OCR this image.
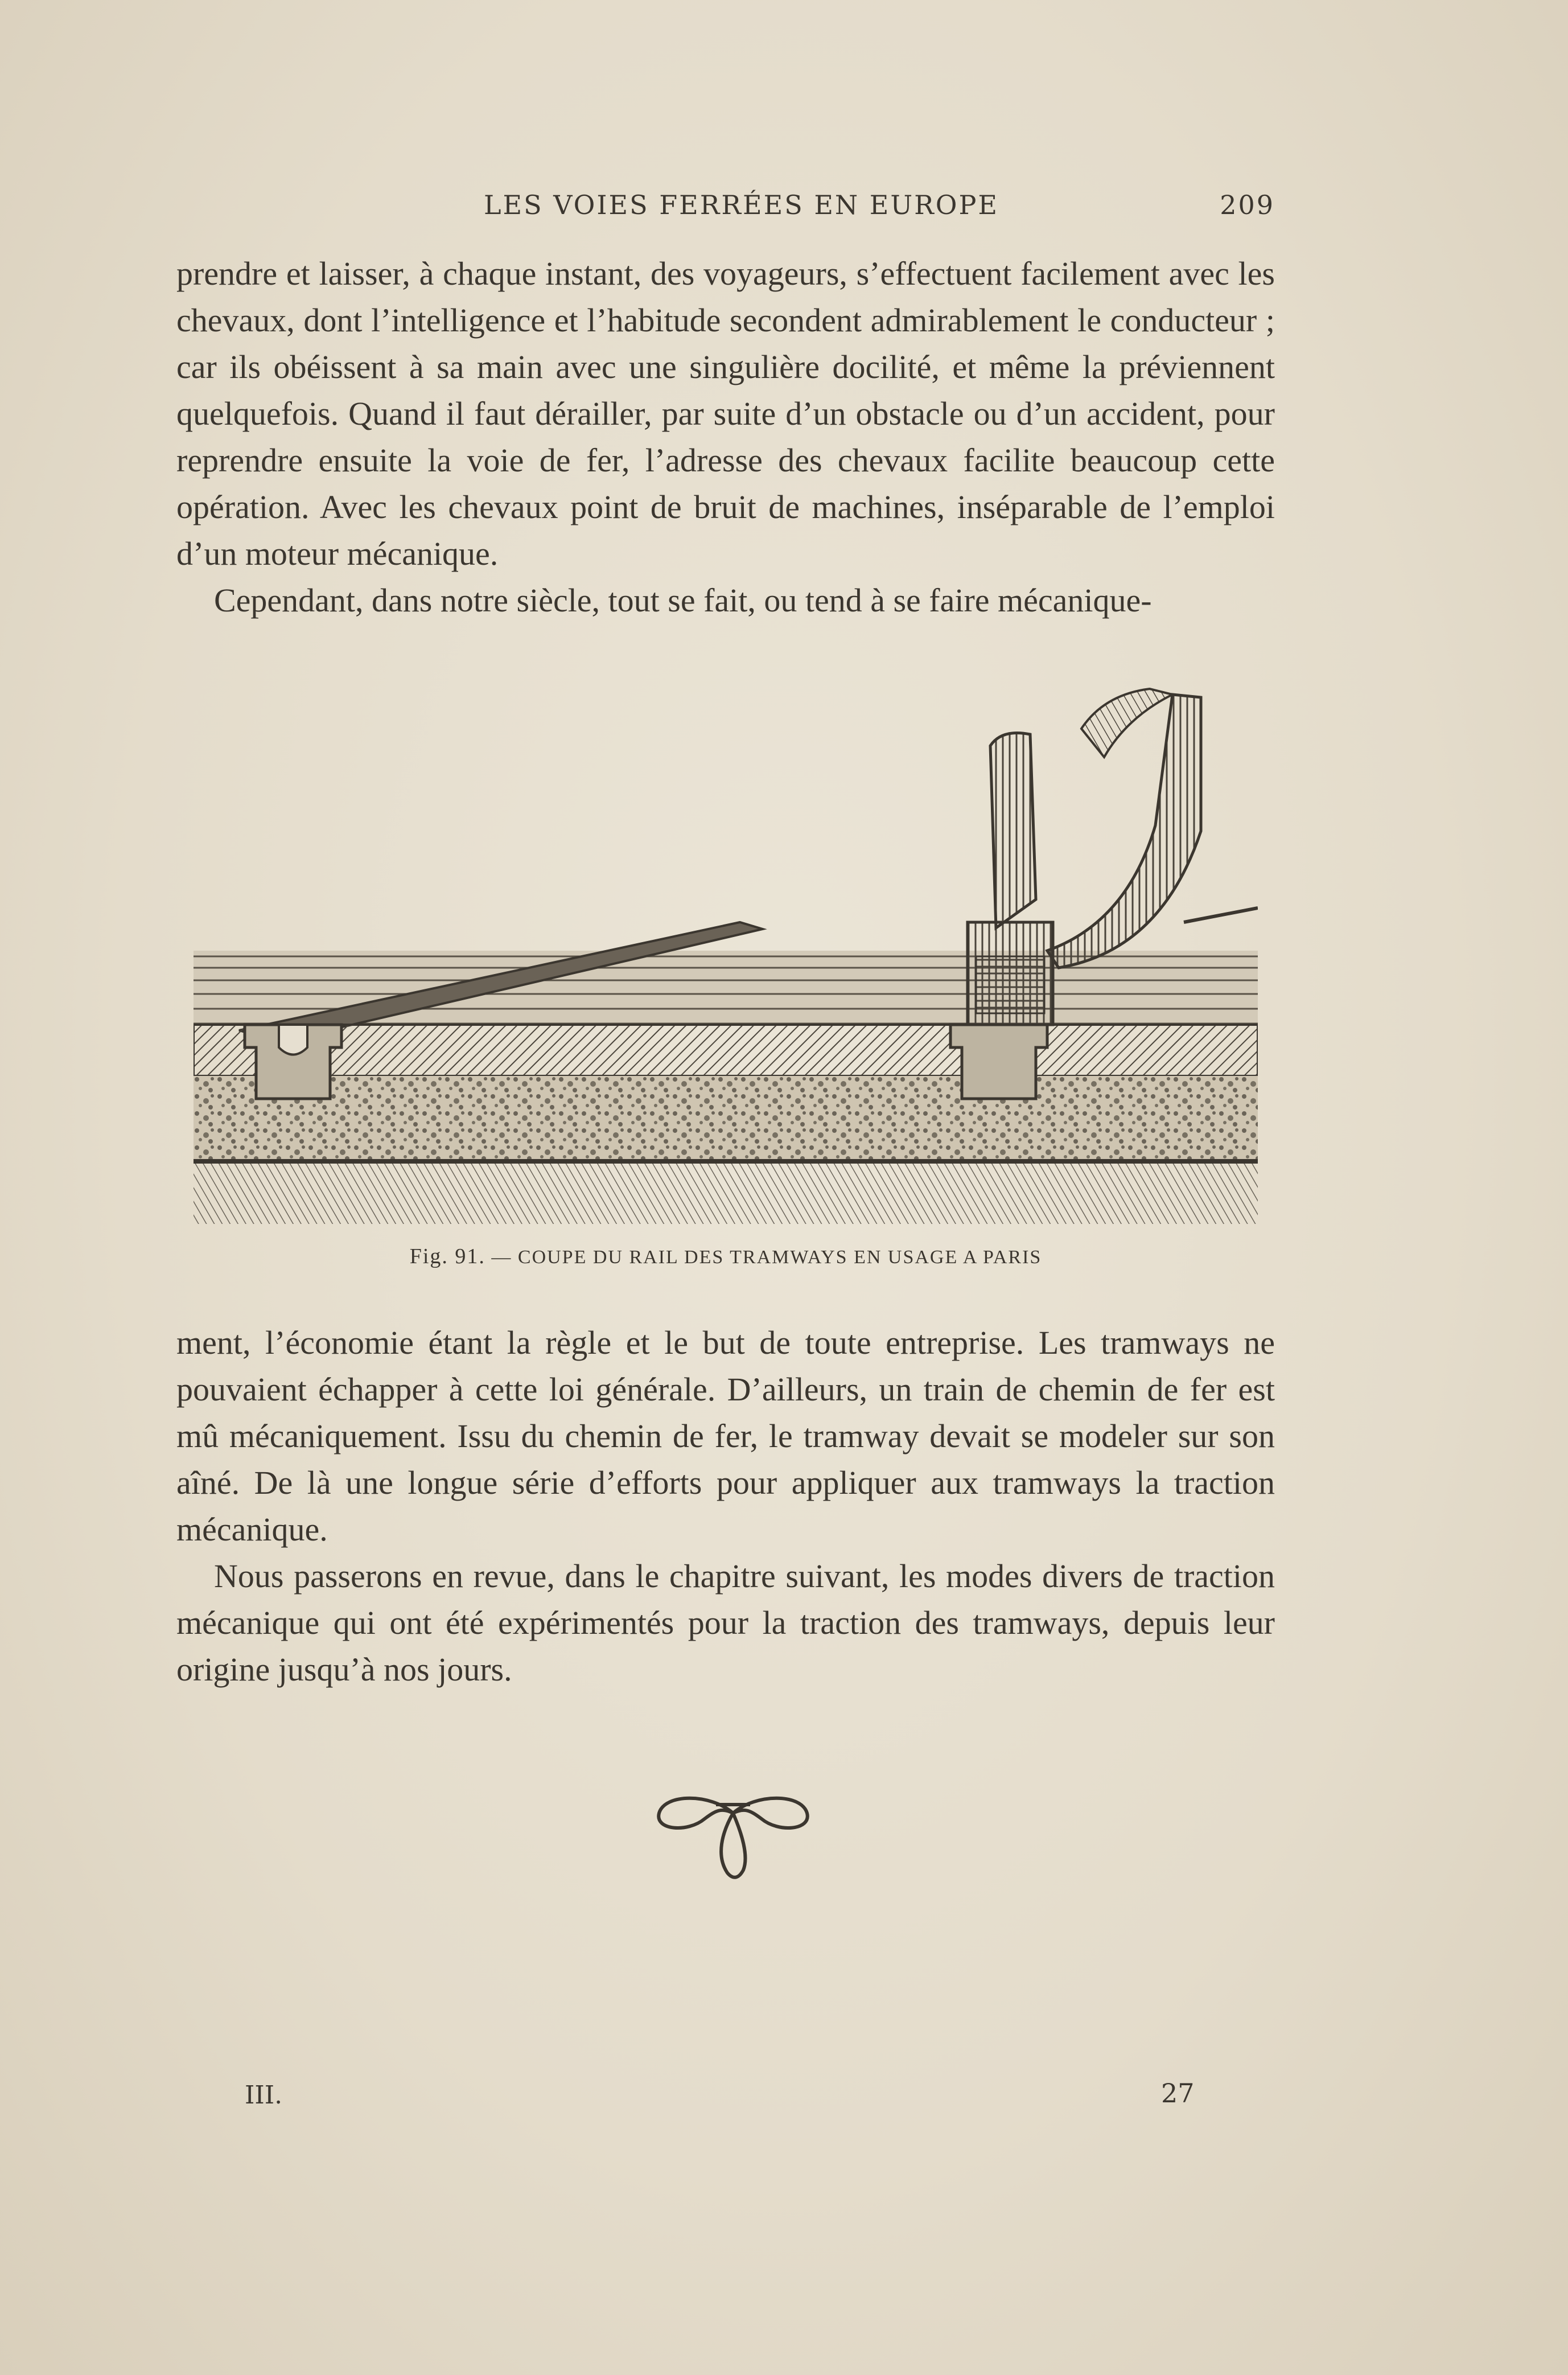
LES VOIES FERRÉES EN EUROPE	209

prendre et laisser, à chaque instant, des voyageurs, s’effectuent facilement avec les chevaux, dont l’intelligence et l’habitude secondent admirablement le conducteur ; car ils obéissent à sa main avec une singulière docilité, et même la préviennent quelquefois. Quand il faut dérailler, par suite d’un obstacle ou d’un accident, pour reprendre ensuite la voie de fer, l’adresse des chevaux facilite beaucoup cette opération. Avec les chevaux point de bruit de machines, inséparable de l’emploi d’un moteur mécanique.

Cependant, dans notre siècle, tout se fait, ou tend à se faire mécanique-

Fig. 91. — COUPE DU RAIL DES TRAMWAYS EN USAGE A PARIS

ment, l’économie étant la règle et le but de toute entreprise. Les tramways ne pouvaient échapper à cette loi générale. D’ailleurs, un train de chemin de fer est mû mécaniquement. Issu du chemin de fer, le tramway devait se modeler sur son aîné. De là une longue série d’efforts pour appliquer aux tramways la traction mécanique.

Nous passerons en revue, dans le chapitre suivant, les modes divers de traction mécanique qui ont été expérimentés pour la traction des tramways, depuis leur origine jusqu’à nos jours.

III.	27
